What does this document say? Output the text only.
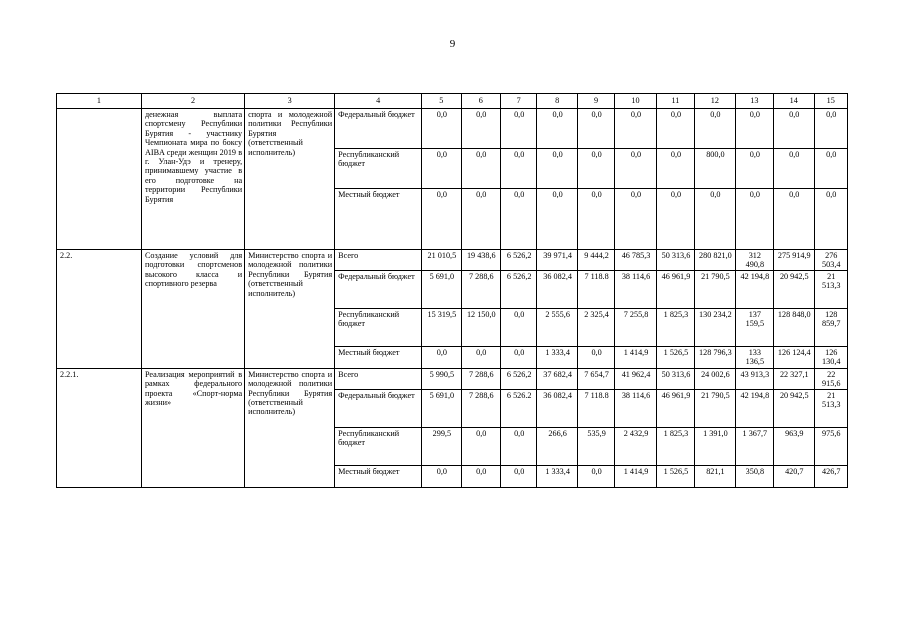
9
1	2	3	4	5	6	7	8	9	10	11	12	13	14	15
	денежная выплата спортсмену Республики Бурятия - участнику Чемпионата мира по боксу AIBA среди женщин 2019 в г. Улан-Удэ и тренеру, принимавшему участие в его подготовке на территории Республики Бурятия	спорта и молодежной политики Республики Бурятия (ответственный исполнитель)	Федеральный бюджет	0,0	0,0	0,0	0,0	0,0	0,0	0,0	0,0	0,0	0,0	0,0
			Республиканский бюджет	0,0	0,0	0,0	0,0	0,0	0,0	0,0	800,0	0,0	0,0	0,0
			Местный бюджет	0,0	0,0	0,0	0,0	0,0	0,0	0,0	0,0	0,0	0,0	0,0
2.2.	Создание условий для подготовки спортсменов высокого класса и спортивного резерва	Министерство спорта и молодежной политики Республики Бурятия (ответственный исполнитель)	Всего	21 010,5	19 438,6	6 526,2	39 971,4	9 444,2	46 785,3	50 313,6	280 821,0	312 490,8	275 914,9	276 503,4
			Федеральный бюджет	5 691,0	7 288,6	6 526,2	36 082,4	7 118.8	38 114,6	46 961,9	21 790,5	42 194,8	20 942,5	21 513,3
			Республиканский бюджет	15 319,5	12 150,0	0,0	2 555,6	2 325,4	7 255,8	1 825,3	130 234,2	137 159,5	128 848,0	128 859,7
			Местный бюджет	0,0	0,0	0,0	1 333,4	0,0	1 414,9	1 526,5	128 796,3	133 136,5	126 124,4	126 130,4
2.2.1.	Реализация мероприятий в рамках федерального проекта «Спорт-норма жизни»	Министерство спорта и молодежной политики Республики Бурятия (ответственный исполнитель)	Всего	5 990,5	7 288,6	6 526,2	37 682,4	7 654,7	41 962,4	50 313,6	24 002,6	43 913,3	22 327,1	22 915,6
			Федеральный бюджет	5 691,0	7 288,6	6 526.2	36 082,4	7 118.8	38 114,6	46 961,9	21 790,5	42 194,8	20 942,5	21 513,3
			Республиканский бюджет	299,5	0,0	0,0	266,6	535,9	2 432,9	1 825,3	1 391,0	1 367,7	963,9	975,6
			Местный бюджет	0,0	0,0	0,0	1 333,4	0,0	1 414,9	1 526,5	821,1	350,8	420,7	426,7
